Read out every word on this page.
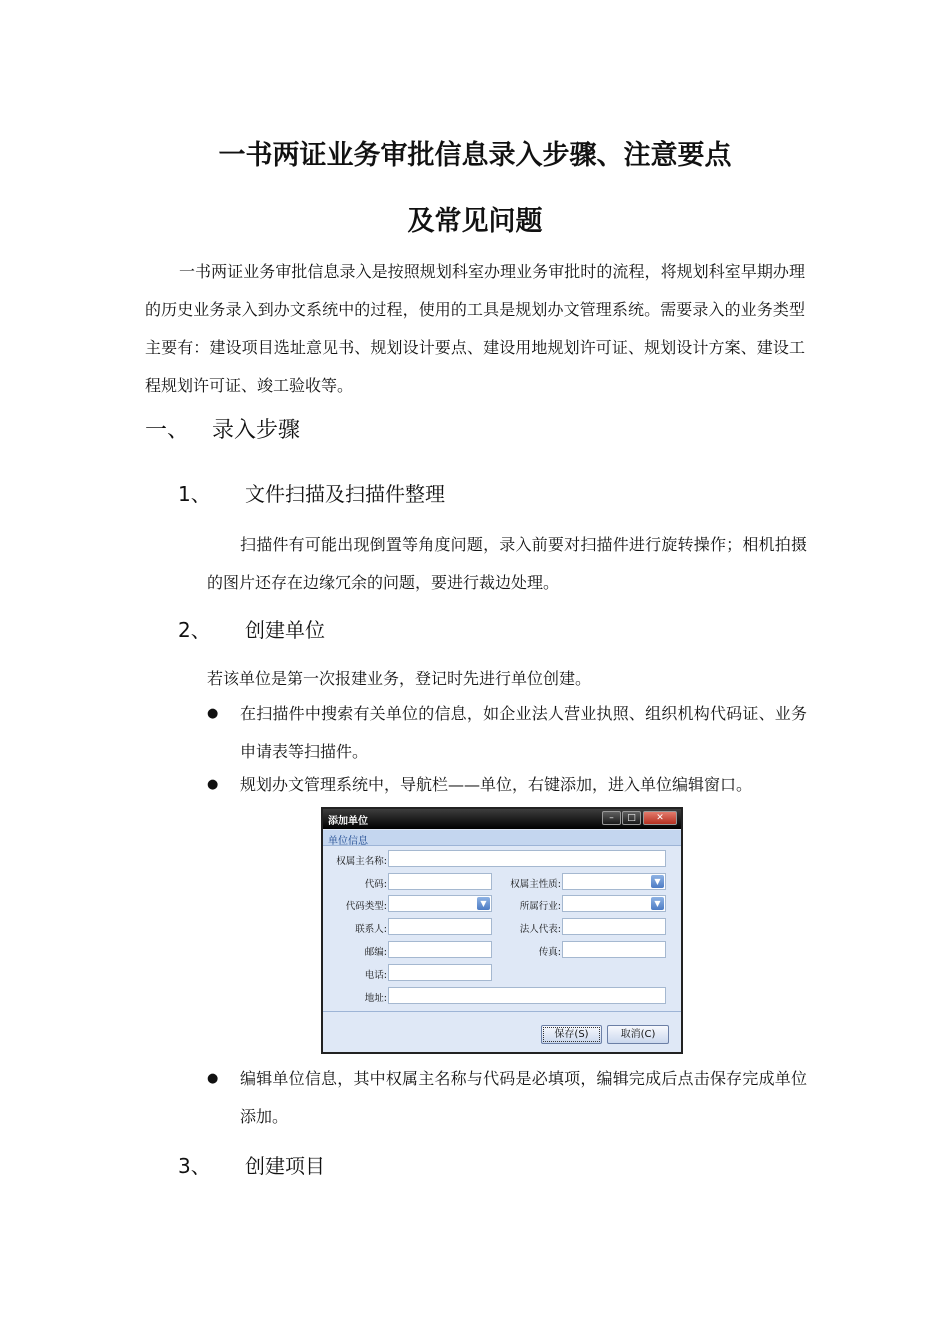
一书两证业务审批信息录入步骤、注意要点
及常见问题
一书两证业务审批信息录入是按照规划科室办理业务审批时的流程，将规划科室早期办理的历史业务录入到办文系统中的过程，使用的工具是规划办文管理系统。需要录入的业务类型主要有：建设项目选址意见书、规划设计要点、建设用地规划许可证、规划设计方案、建设工程规划许可证、竣工验收等。
一、 录入步骤
1、 文件扫描及扫描件整理
扫描件有可能出现倒置等角度问题，录入前要对扫描件进行旋转操作；相机拍摄的图片还存在边缘冗余的问题，要进行裁边处理。
2、 创建单位
若该单位是第一次报建业务，登记时先进行单位创建。
● 在扫描件中搜索有关单位的信息，如企业法人营业执照、组织机构代码证、业务申请表等扫描件。
● 规划办文管理系统中，导航栏——单位，右键添加，进入单位编辑窗口。
添加单位	–	□	✕
单位信息
权属主名称:
代码:	权属主性质:	▼
代码类型:	▼	所属行业:	▼
联系人:	法人代表:
邮编:	传真:
电话:
地址:
保存(S)	取消(C)
● 编辑单位信息，其中权属主名称与代码是必填项，编辑完成后点击保存完成单位添加。
3、 创建项目
